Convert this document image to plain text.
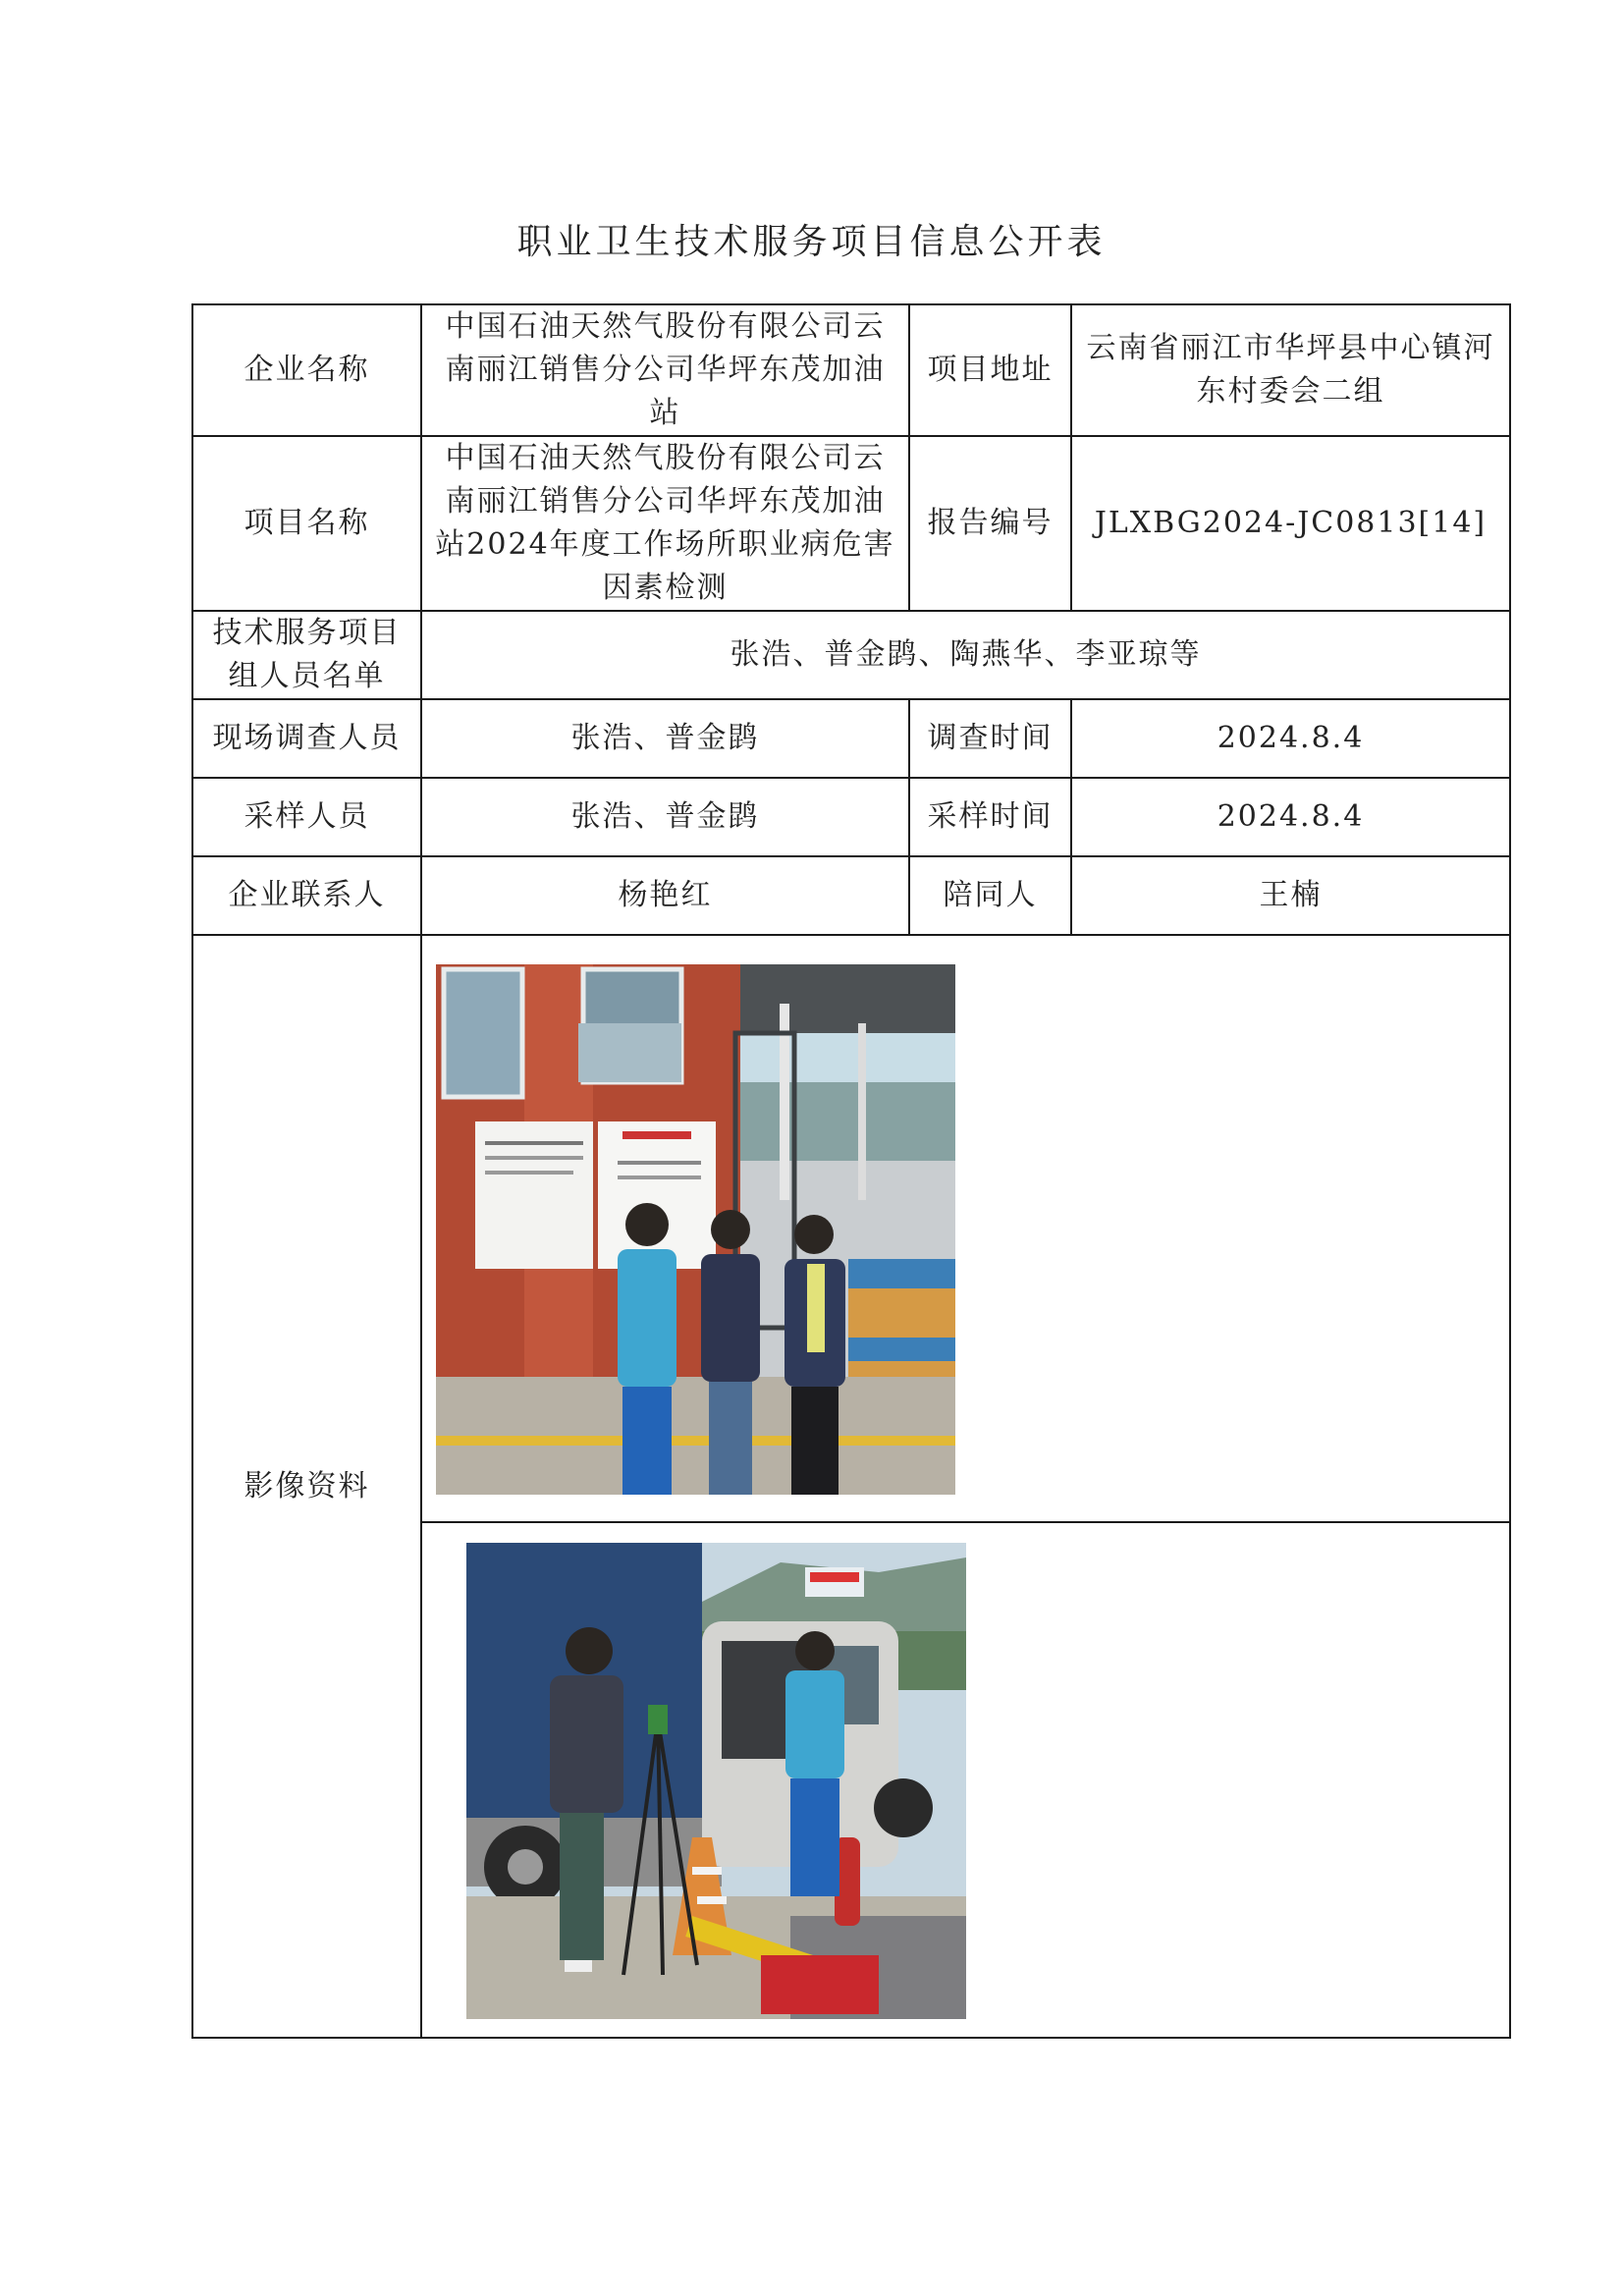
职业卫生技术服务项目信息公开表
企业名称	中国石油天然气股份有限公司云南丽江销售分公司华坪东茂加油站	项目地址	云南省丽江市华坪县中心镇河东村委会二组
项目名称	中国石油天然气股份有限公司云南丽江销售分公司华坪东茂加油站2024年度工作场所职业病危害因素检测	报告编号	JLXBG2024-JC0813[14]
技术服务项目组人员名单	张浩、普金鹍、陶燕华、李亚琼等		
现场调查人员	张浩、普金鹍	调查时间	2024.8.4
采样人员	张浩、普金鹍	采样时间	2024.8.4
企业联系人	杨艳红	陪同人	王楠
影像资料	
